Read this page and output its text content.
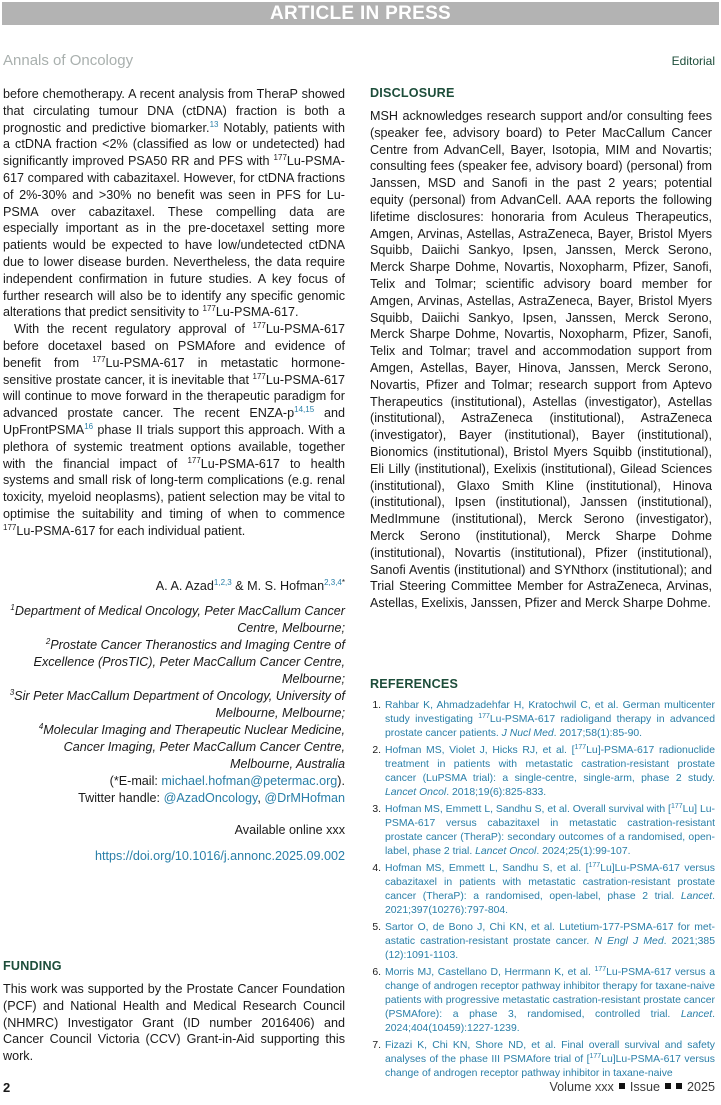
ARTICLE IN PRESS
Annals of Oncology	Editorial

before chemotherapy. A recent analysis from TheraP showed that circulating tumour DNA (ctDNA) fraction is both a prognostic and predictive biomarker.$^{13}$ Notably, patients with a ctDNA fraction <2% (classified as low or undetected) had significantly improved PSA50 RR and PFS with $^{177}$Lu-PSMA-617 compared with cabazitaxel. However, for ctDNA fractions of 2%-30% and >30% no benefit was seen in PFS for Lu-PSMA over cabazitaxel. These compelling data are especially important as in the pre-docetaxel setting more patients would be expected to have low/undetected ctDNA due to lower disease burden. Nevertheless, the data require independent confirmation in future studies. A key focus of further research will also be to identify any specific genomic alterations that predict sensitivity to $^{177}$Lu-PSMA-617.

With the recent regulatory approval of $^{177}$Lu-PSMA-617 before docetaxel based on PSMAfore and evidence of benefit from $^{177}$Lu-PSMA-617 in metastatic hormone-sensitive prostate cancer, it is inevitable that $^{177}$Lu-PSMA-617 will continue to move forward in the therapeutic paradigm for advanced prostate cancer. The recent ENZA-p$^{14,15}$ and UpFrontPSMA$^{16}$ phase II trials support this approach. With a plethora of systemic treatment options available, together with the financial impact of $^{177}$Lu-PSMA-617 to health systems and small risk of long-term complications (e.g. renal toxicity, myeloid neoplasms), patient selection may be vital to optimise the suitability and timing of when to commence $^{177}$Lu-PSMA-617 for each individual patient.

A. A. Azad$^{1,2,3}$ & M. S. Hofman$^{2,3,4*}$
$^1$Department of Medical Oncology, Peter MacCallum Cancer Centre, Melbourne;
$^2$Prostate Cancer Theranostics and Imaging Centre of Excellence (ProsTIC), Peter MacCallum Cancer Centre, Melbourne;
$^3$Sir Peter MacCallum Department of Oncology, University of Melbourne, Melbourne;
$^4$Molecular Imaging and Therapeutic Nuclear Medicine, Cancer Imaging, Peter MacCallum Cancer Centre, Melbourne, Australia
(*E-mail: michael.hofman@petermac.org).
Twitter handle: @AzadOncology, @DrMHofman
Available online xxx
https://doi.org/10.1016/j.annonc.2025.09.002
FUNDING
This work was supported by the Prostate Cancer Foundation (PCF) and National Health and Medical Research Council (NHMRC) Investigator Grant (ID number 2016406) and Cancer Council Victoria (CCV) Grant-in-Aid supporting this work.
DISCLOSURE
MSH acknowledges research support and/or consulting fees (speaker fee, advisory board) to Peter MacCallum Cancer Centre from AdvanCell, Bayer, Isotopia, MIM and Novartis; consulting fees (speaker fee, advisory board) (personal) from Janssen, MSD and Sanofi in the past 2 years; potential equity (personal) from AdvanCell. AAA reports the following lifetime disclosures: honoraria from Aculeus Therapeutics, Amgen, Arvinas, Astellas, AstraZeneca, Bayer, Bristol Myers Squibb, Daiichi Sankyo, Ipsen, Janssen, Merck Serono, Merck Sharpe Dohme, Novartis, Noxopharm, Pfizer, Sanofi, Telix and Tolmar; scientific advisory board member for Amgen, Arvinas, Astellas, AstraZeneca, Bayer, Bristol Myers Squibb, Daiichi Sankyo, Ipsen, Janssen, Merck Serono, Merck Sharpe Dohme, Novartis, Noxopharm, Pfizer, Sanofi, Telix and Tolmar; travel and accommodation support from Amgen, Astellas, Bayer, Hinova, Janssen, Merck Serono, Novartis, Pfizer and Tolmar; research support from Aptevo Therapeutics (institutional), Astellas (investigator), Astellas (institutional), AstraZeneca (institutional), AstraZeneca (investigator), Bayer (institutional), Bayer (institutional), Bionomics (institutional), Bristol Myers Squibb (institutional), Eli Lilly (institutional), Exelixis (institutional), Gilead Sciences (institutional), Glaxo Smith Kline (institutional), Hinova (institutional), Ipsen (institutional), Janssen (institutional), MedImmune (institutional), Merck Serono (investigator), Merck Serono (institutional), Merck Sharpe Dohme (institutional), Novartis (institutional), Pfizer (institutional), Sanofi Aventis (institutional) and SYNthorx (institutional); and Trial Steering Committee Member for AstraZeneca, Arvinas, Astellas, Exelixis, Janssen, Pfizer and Merck Sharpe Dohme.
REFERENCES
1. Rahbar K, Ahmadzadehfar H, Kratochwil C, et al. German multicenter study investigating $^{177}$Lu-PSMA-617 radioligand therapy in advanced prostate cancer patients. J Nucl Med. 2017;58(1):85-90.
2. Hofman MS, Violet J, Hicks RJ, et al. [$^{177}$Lu]-PSMA-617 radionuclide treatment in patients with metastatic castration-resistant prostate cancer (LuPSMA trial): a single-centre, single-arm, phase 2 study. Lancet Oncol. 2018;19(6):825-833.
3. Hofman MS, Emmett L, Sandhu S, et al. Overall survival with [$^{177}$Lu] Lu-PSMA-617 versus cabazitaxel in metastatic castration-resistant prostate cancer (TheraP): secondary outcomes of a randomised, open-label, phase 2 trial. Lancet Oncol. 2024;25(1):99-107.
4. Hofman MS, Emmett L, Sandhu S, et al. [$^{177}$Lu]Lu-PSMA-617 versus cabazitaxel in patients with metastatic castration-resistant prostate cancer (TheraP): a randomised, open-label, phase 2 trial. Lancet. 2021;397(10276):797-804.
5. Sartor O, de Bono J, Chi KN, et al. Lutetium-177-PSMA-617 for metastatic castration-resistant prostate cancer. N Engl J Med. 2021;385 (12):1091-1103.
6. Morris MJ, Castellano D, Herrmann K, et al. $^{177}$Lu-PSMA-617 versus a change of androgen receptor pathway inhibitor therapy for taxane-naive patients with progressive metastatic castration-resistant prostate cancer (PSMAfore): a phase 3, randomised, controlled trial. Lancet. 2024;404(10459):1227-1239.
7. Fizazi K, Chi KN, Shore ND, et al. Final overall survival and safety analyses of the phase III PSMAfore trial of [$^{177}$Lu]Lu-PSMA-617 versus change of androgen receptor pathway inhibitor in taxane-naive
2	Volume xxx Issue 2025
